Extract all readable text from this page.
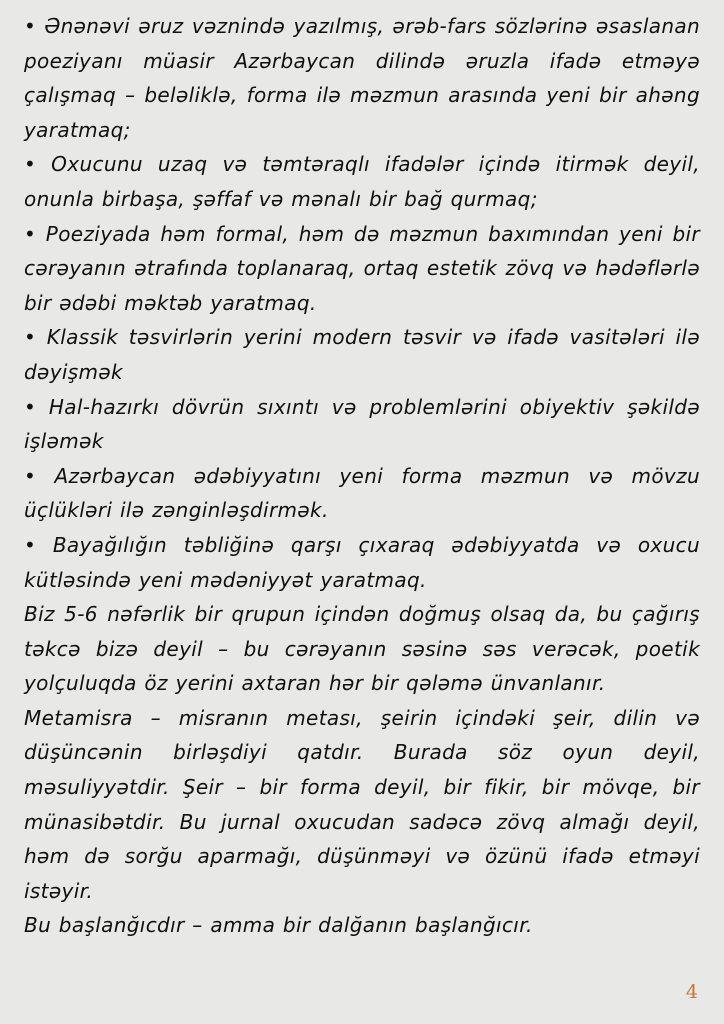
• Ənənəvi əruz vəznində yazılmış, ərəb-fars sözlərinə əsaslanan poeziyanı müasir Azərbaycan dilində əruzla ifadə etməyə çalışmaq – beləliklə, forma ilə məzmun arasında yeni bir ahəng yaratmaq;

• Oxucunu uzaq və təmtəraqlı ifadələr içində itirmək deyil, onunla birbaşa, şəffaf və mənalı bir bağ qurmaq;

• Poeziyada həm formal, həm də məzmun baxımından yeni bir cərəyanın ətrafında toplanaraq, ortaq estetik zövq və hədəflərlə bir ədəbi məktəb yaratmaq.

• Klassik təsvirlərin yerini modern təsvir və ifadə vasitələri ilə dəyişmək

• Hal-hazırkı dövrün sıxıntı və problemlərini obiyektiv şəkildə işləmək

• Azərbaycan ədəbiyyatını yeni forma məzmun və mövzu üçlükləri ilə zənginləşdirmək.

• Bayağılığın təbliğinə qarşı çıxaraq ədəbiyyatda və oxucu kütləsində yeni mədəniyyət yaratmaq.

Biz 5-6 nəfərlik bir qrupun içindən doğmuş olsaq da, bu çağırış təkcə bizə deyil – bu cərəyanın səsinə səs verəcək, poetik yolçuluqda öz yerini axtaran hər bir qələmə ünvanlanır.

Metamisra – misranın metası, şeirin içindəki şeir, dilin və düşüncənin birləşdiyi qatdır. Burada söz oyun deyil, məsuliyyətdir. Şeir – bir forma deyil, bir fikir, bir mövqe, bir münasibətdir. Bu jurnal oxucudan sadəcə zövq almağı deyil, həm də sorğu aparmağı, düşünməyi və özünü ifadə etməyi istəyir.

Bu başlanğıcdır – amma bir dalğanın başlanğıcır.

4
